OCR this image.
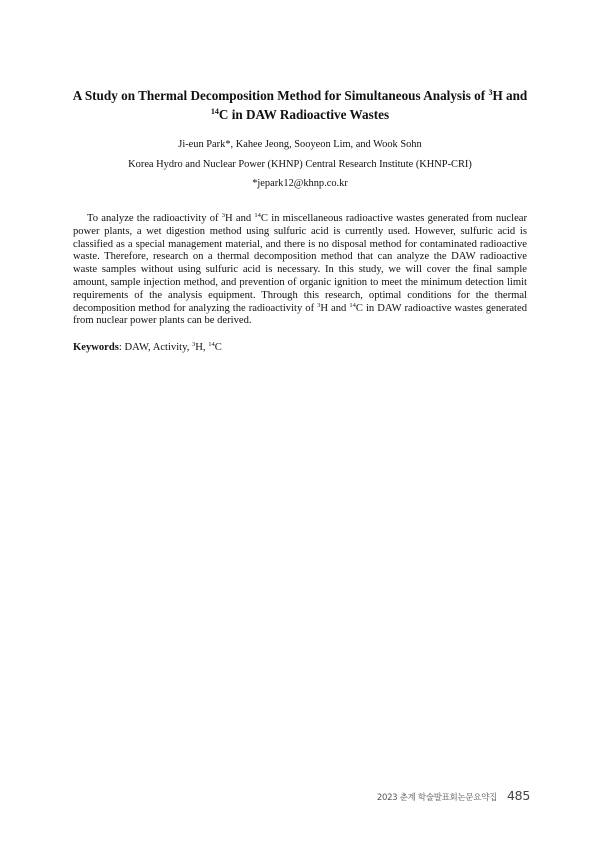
A Study on Thermal Decomposition Method for Simultaneous Analysis of $^3$H and
$^{14}$C in DAW Radioactive Wastes
Ji-eun Park*, Kahee Jeong, Sooyeon Lim, and Wook Sohn
Korea Hydro and Nuclear Power (KHNP) Central Research Institute (KHNP-CRI)
*jepark12@khnp.co.kr

To analyze the radioactivity of $^3$H and $^{14}$C in miscellaneous radioactive wastes generated from nuclear power plants, a wet digestion method using sulfuric acid is currently used. However, sulfuric acid is classified as a special management material, and there is no disposal method for contaminated radioactive waste. Therefore, research on a thermal decomposition method that can analyze the DAW radioactive waste samples without using sulfuric acid is necessary. In this study, we will cover the final sample amount, sample injection method, and prevention of organic ignition to meet the minimum detection limit requirements of the analysis equipment. Through this research, optimal conditions for the thermal decomposition method for analyzing the radioactivity of $^3$H and $^{14}$C in DAW radioactive wastes generated from nuclear power plants can be derived.

Keywords: DAW, Activity, $^3$H, $^{14}$C
2023 춘계 학술발표회논문요약집 485
